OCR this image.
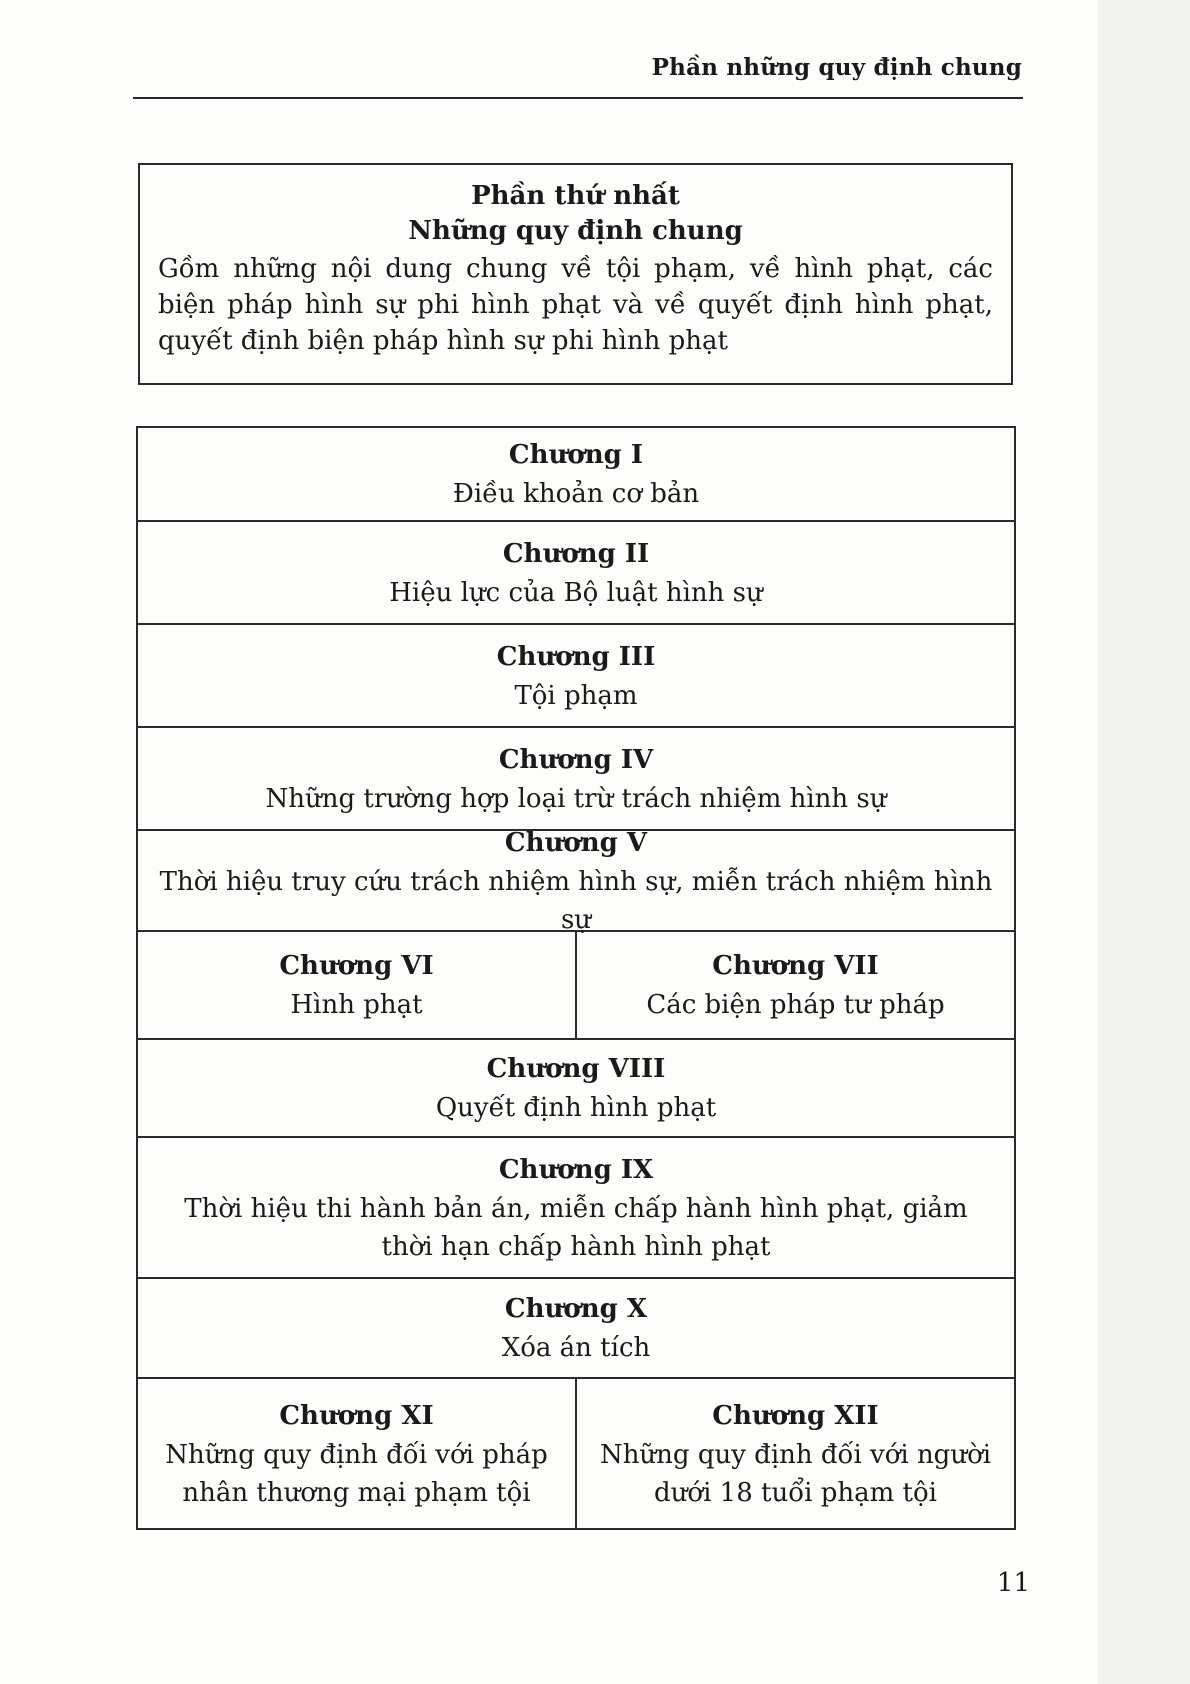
Phần những quy định chung
Phần thứ nhất
Những quy định chung
Gồm những nội dung chung về tội phạm, về hình phạt, các biện pháp hình sự phi hình phạt và về quyết định hình phạt, quyết định biện pháp hình sự phi hình phạt
Chương I
Điều khoản cơ bản
Chương II
Hiệu lực của Bộ luật hình sự
Chương III
Tội phạm
Chương IV
Những trường hợp loại trừ trách nhiệm hình sự
Chương V
Thời hiệu truy cứu trách nhiệm hình sự, miễn trách nhiệm hình sự
Chương VI
Hình phạt
Chương VII
Các biện pháp tư pháp
Chương VIII
Quyết định hình phạt
Chương IX
Thời hiệu thi hành bản án, miễn chấp hành hình phạt, giảm thời hạn chấp hành hình phạt
Chương X
Xóa án tích
Chương XI
Những quy định đối với pháp nhân thương mại phạm tội
Chương XII
Những quy định đối với người dưới 18 tuổi phạm tội
11
